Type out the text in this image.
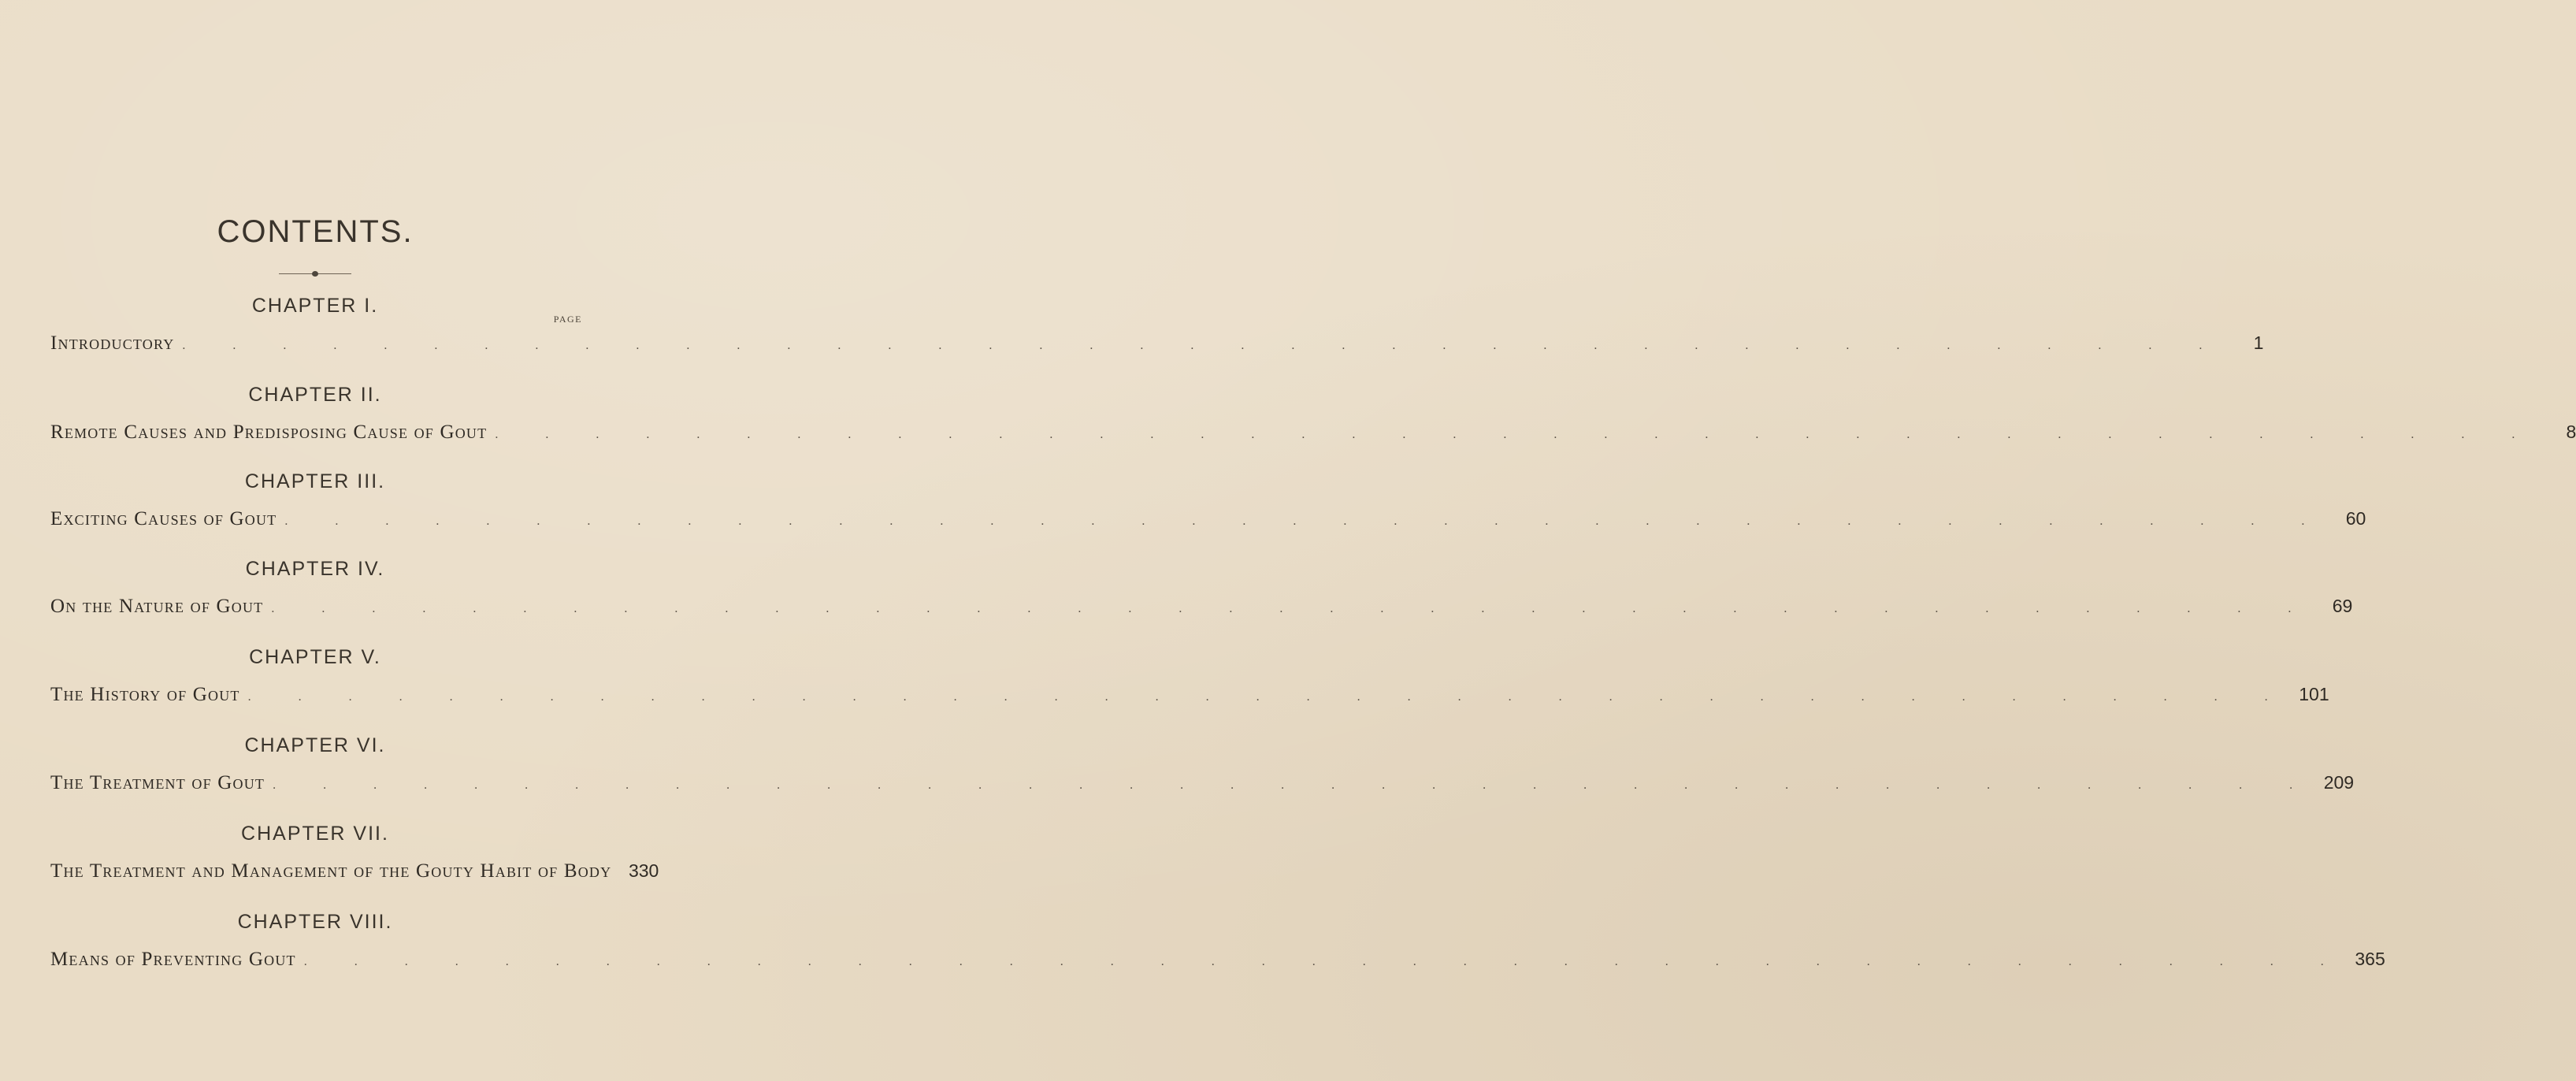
CONTENTS.
PAGE
CHAPTER I.
Introductory . . .	1
CHAPTER II.
Remote Causes and Predisposing Cause of Gout . . .	8
CHAPTER III.
Exciting Causes of Gout . . .	60
CHAPTER IV.
On the Nature of Gout . . .	69
CHAPTER V.
The History of Gout . . .	101
CHAPTER VI.
The Treatment of Gout . . .	209
CHAPTER VII.
The Treatment and Management of the Gouty Habit of Body 330
CHAPTER VIII.
Means of Preventing Gout . . .	365
